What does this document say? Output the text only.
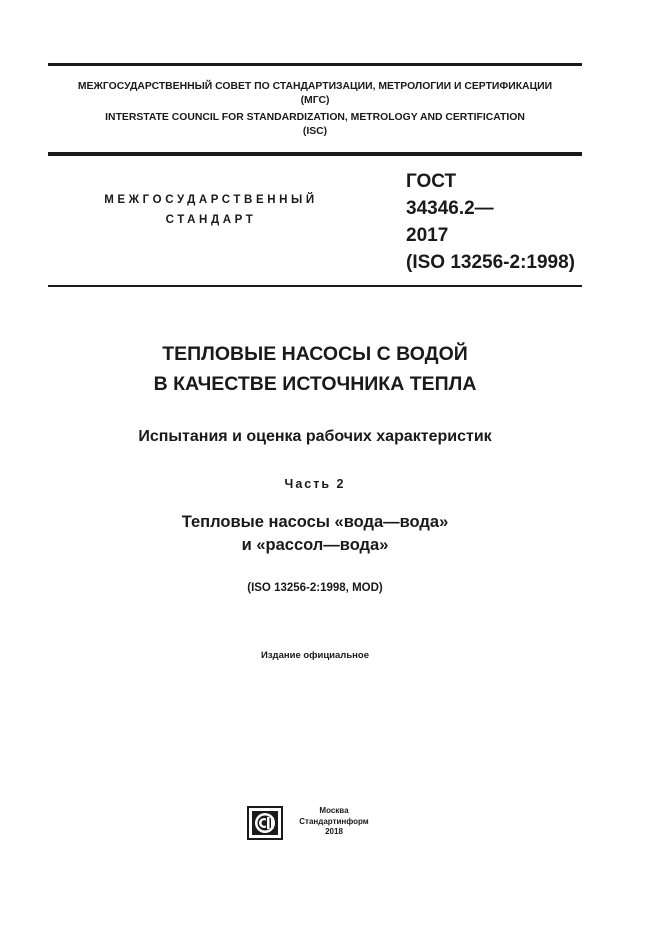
МЕЖГОСУДАРСТВЕННЫЙ СОВЕТ ПО СТАНДАРТИЗАЦИИ, МЕТРОЛОГИИ И СЕРТИФИКАЦИИ
(МГС)
INTERSTATE COUNCIL FOR STANDARDIZATION, METROLOGY AND CERTIFICATION
(ISC)
МЕЖГОСУДАРСТВЕННЫЙ
СТАНДАРТ
ГОСТ
34346.2—
2017
(ISO 13256-2:1998)
ТЕПЛОВЫЕ НАСОСЫ С ВОДОЙ
В КАЧЕСТВЕ ИСТОЧНИКА ТЕПЛА
Испытания и оценка рабочих характеристик
Часть 2
Тепловые насосы «вода—вода»
и «рассол—вода»
(ISO 13256-2:1998, MOD)
Издание официальное
Москва
Стандартинформ
2018
